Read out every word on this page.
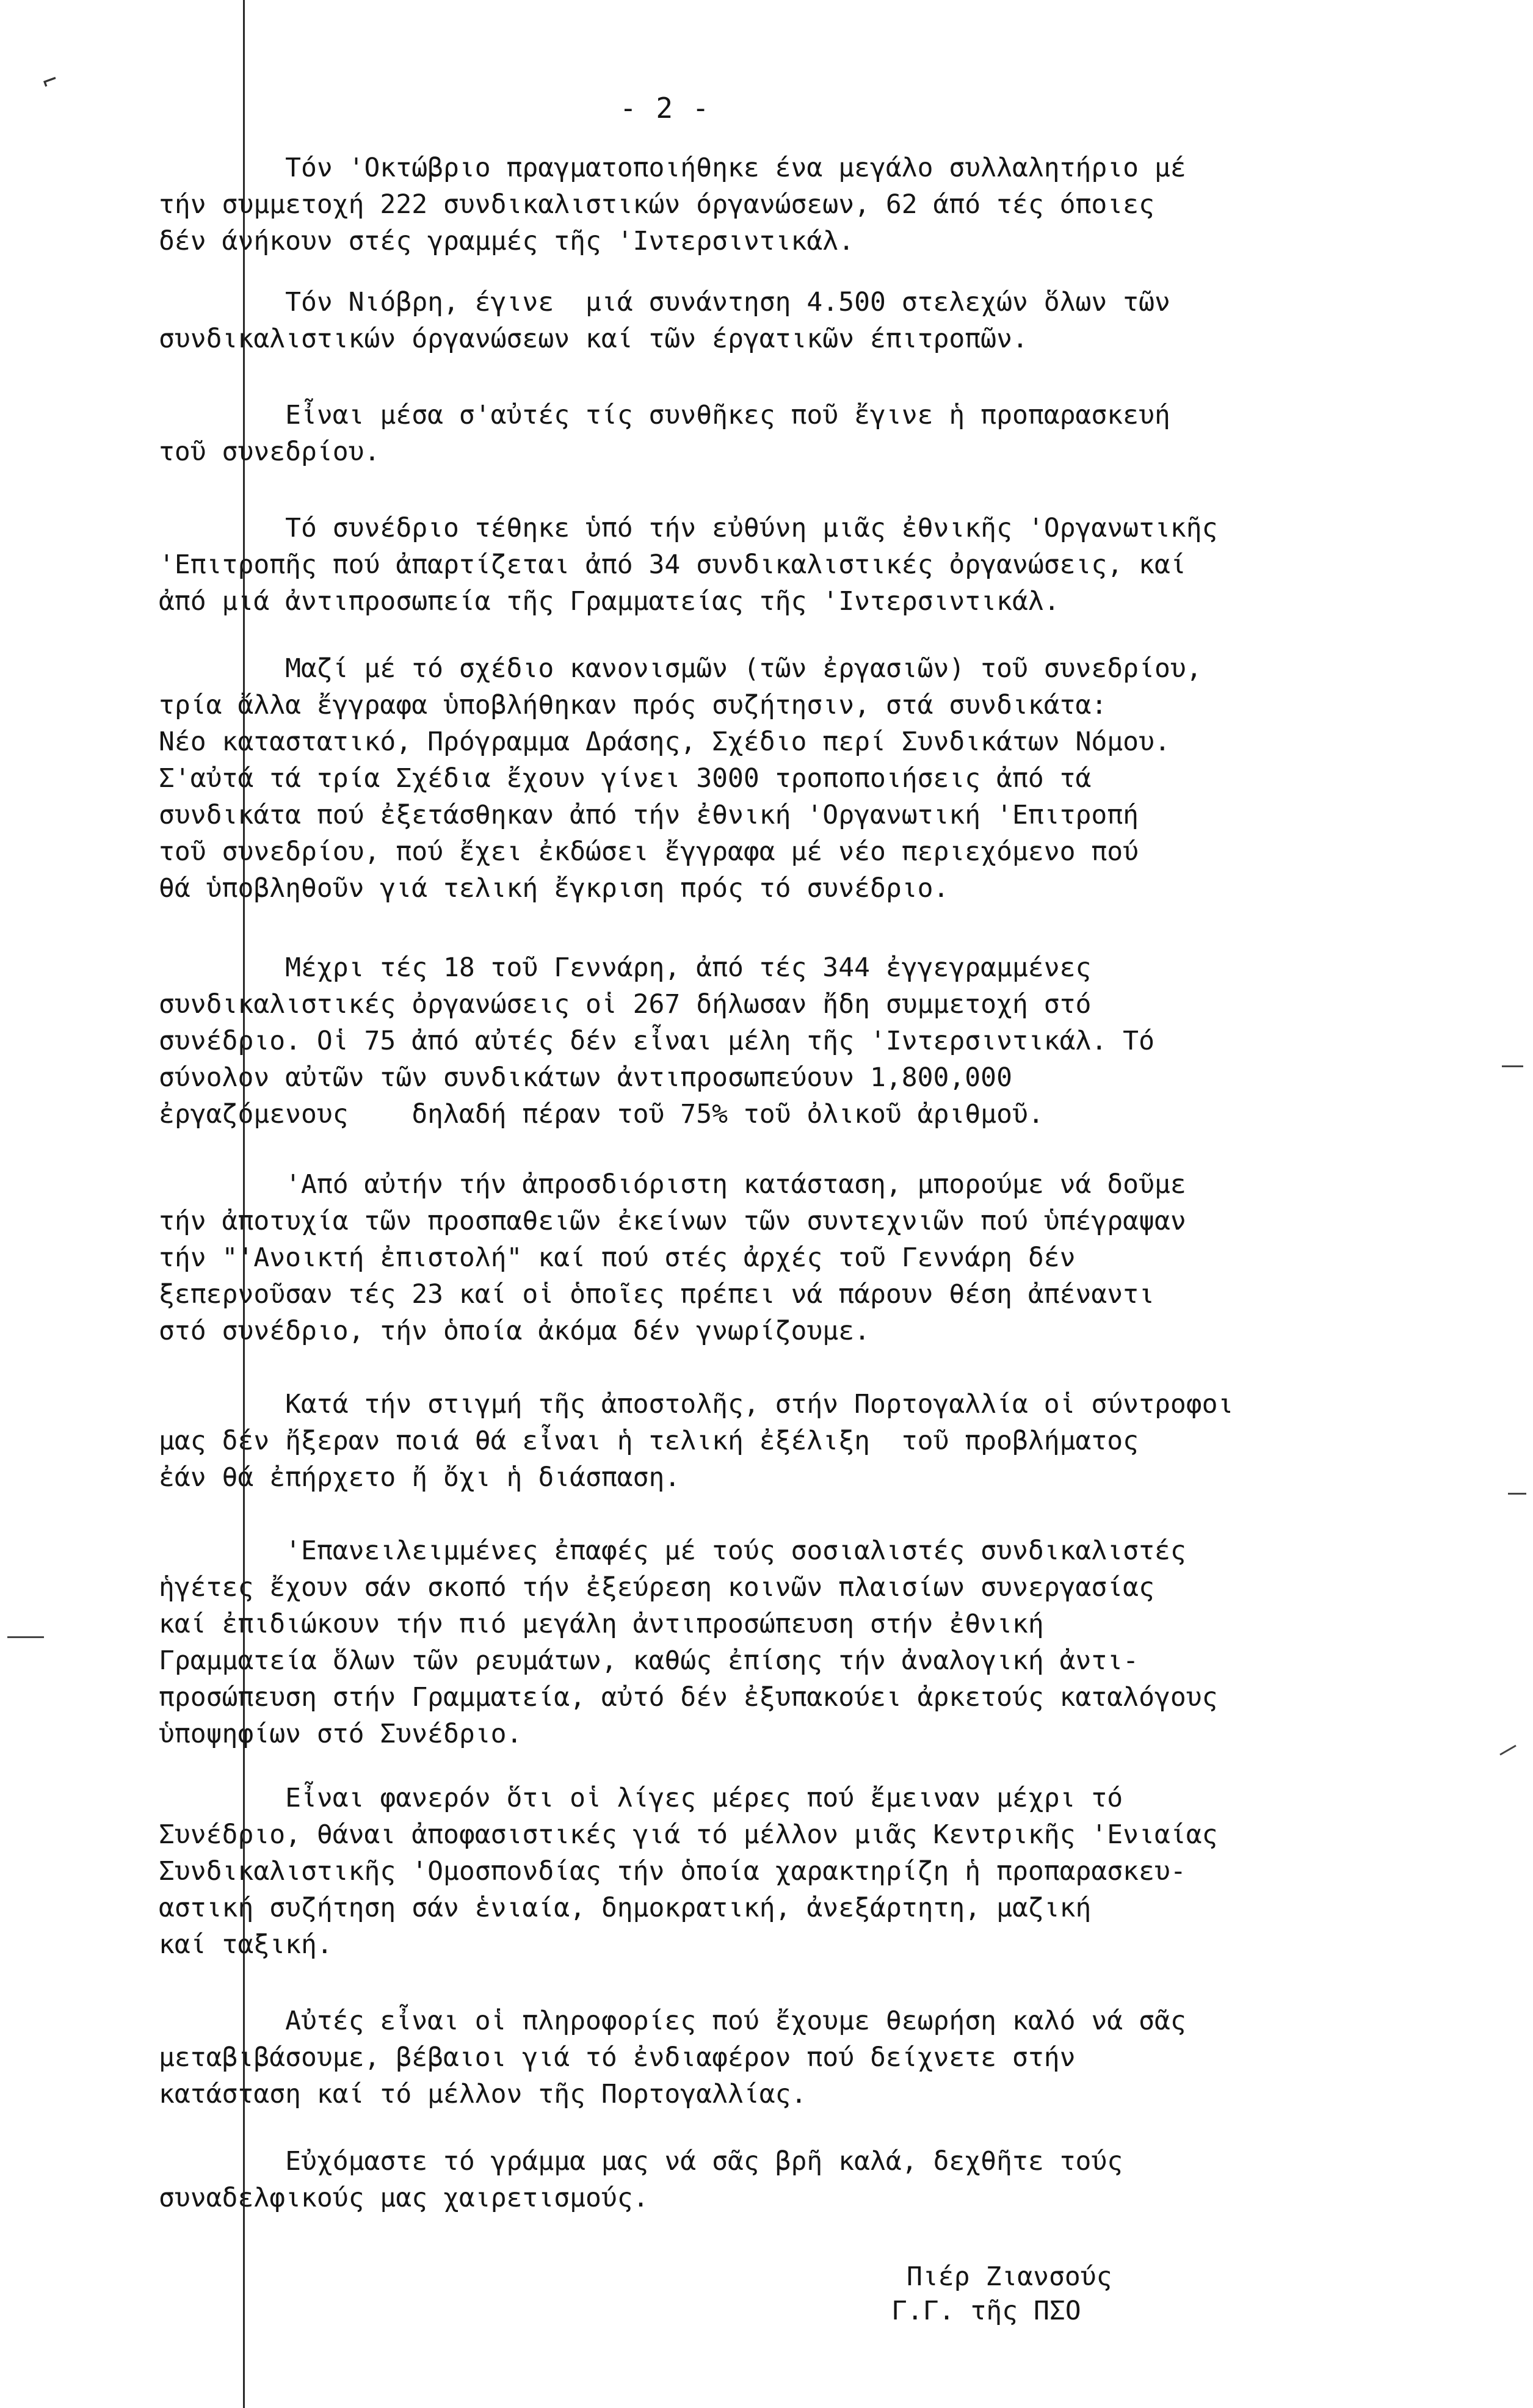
- 2 -
⌐
Τόν 'Οκτώβριο πραγματοποιήθηκε ένα μεγάλο συλλαλητήριο μέ
τήν συμμετοχή 222 συνδικαλιστικών όργανώσεων, 62 άπό τές όποιες
δέν άνήκουν στές γραμμές τῆς 'Ιντερσιντικάλ.
Τόν Νιόβρη, έγινε  μιά συνάντηση 4.500 στελεχών ὅλων τῶν
συνδικαλιστικών όργανώσεων καί τῶν έργατικῶν έπιτροπῶν.
Εἶναι μέσα σ'αὐτές τίς συνθῆκες ποῦ ἔγινε ἡ προπαρασκευή
τοῦ συνεδρίου.
Τό συνέδριο τέθηκε ὑπό τήν εὐθύνη μιᾶς ἐθνικῆς 'Οργανωτικῆς
'Επιτροπῆς πού ἀπαρτίζεται ἀπό 34 συνδικαλιστικές ὀργανώσεις, καί
ἀπό μιά ἀντιπροσωπεία τῆς Γραμματείας τῆς 'Ιντερσιντικάλ.
Μαζί μέ τό σχέδιο κανονισμῶν (τῶν ἐργασιῶν) τοῦ συνεδρίου,
τρία ἄλλα ἔγγραφα ὑποβλήθηκαν πρός συζήτησιν, στά συνδικάτα:
Νέο καταστατικό, Πρόγραμμα Δράσης, Σχέδιο περί Συνδικάτων Νόμου.
Σ'αὐτά τά τρία Σχέδια ἔχουν γίνει 3000 τροποποιήσεις ἀπό τά
συνδικάτα πού ἐξετάσθηκαν ἀπό τήν ἐθνική 'Οργανωτική 'Επιτροπή
τοῦ συνεδρίου, πού ἔχει ἐκδώσει ἔγγραφα μέ νέο περιεχόμενο πού
θά ὑποβληθοῦν γιά τελική ἔγκριση πρός τό συνέδριο.
Μέχρι τές 18 τοῦ Γεννάρη, ἀπό τές 344 ἐγγεγραμμένες
συνδικαλιστικές ὀργανώσεις οἱ 267 δήλωσαν ἤδη συμμετοχή στό
συνέδριο. Οἱ 75 ἀπό αὐτές δέν εἶναι μέλη τῆς 'Ιντερσιντικάλ. Τό
σύνολον αὐτῶν τῶν συνδικάτων ἀντιπροσωπεύουν 1,800,000
ἐργαζόμενους    δηλαδή πέραν τοῦ 75% τοῦ ὀλικοῦ ἀριθμοῦ.
'Από αὐτήν τήν ἀπροσδιόριστη κατάσταση, μπορούμε νά δοῦμε
τήν ἀποτυχία τῶν προσπαθειῶν ἐκείνων τῶν συντεχνιῶν πού ὑπέγραψαν
τήν "'Ανοικτή ἐπιστολή" καί πού στές ἀρχές τοῦ Γεννάρη δέν
ξεπερνοῦσαν τές 23 καί οἱ ὁποῖες πρέπει νά πάρουν θέση ἀπέναντι
στό συνέδριο, τήν ὁποία ἀκόμα δέν γνωρίζουμε.
Κατά τήν στιγμή τῆς ἀποστολῆς, στήν Πορτογαλλία οἱ σύντροφοι
μας δέν ἤξεραν ποιά θά εἶναι ἡ τελική ἐξέλιξη  τοῦ προβλήματος
ἐάν θά ἐπήρχετο ἤ ὄχι ἡ διάσπαση.
'Επανειλειμμένες ἐπαφές μέ τούς σοσιαλιστές συνδικαλιστές
ἡγέτες ἔχουν σάν σκοπό τήν ἐξεύρεση κοινῶν πλαισίων συνεργασίας
καί ἐπιδιώκουν τήν πιό μεγάλη ἀντιπροσώπευση στήν ἐθνική
Γραμματεία ὅλων τῶν ρευμάτων, καθώς ἐπίσης τήν ἀναλογική ἀντι-
προσώπευση στήν Γραμματεία, αὐτό δέν ἐξυπακούει ἀρκετούς καταλόγους
ὑποψηφίων στό Συνέδριο.
Εἶναι φανερόν ὅτι οἱ λίγες μέρες πού ἔμειναν μέχρι τό
Συνέδριο, θάναι ἀποφασιστικές γιά τό μέλλον μιᾶς Κεντρικῆς 'Ενιαίας
Συνδικαλιστικῆς 'Ομοσπονδίας τήν ὁποία χαρακτηρίζη ἡ προπαρασκευ-
αστική συζήτηση σάν ἑνιαία, δημοκρατική, ἀνεξάρτητη, μαζική
καί ταξική.
Αὐτές εἶναι οἱ πληροφορίες πού ἔχουμε θεωρήση καλό νά σᾶς
μεταβιβάσουμε, βέβαιοι γιά τό ἐνδιαφέρον πού δείχνετε στήν
κατάσταση καί τό μέλλον τῆς Πορτογαλλίας.
Εὐχόμαστε τό γράμμα μας νά σᾶς βρῆ καλά, δεχθῆτε τούς
συναδελφικούς μας χαιρετισμούς.
Πιέρ Ζιανσούς
Γ.Γ. τῆς ΠΣΟ
